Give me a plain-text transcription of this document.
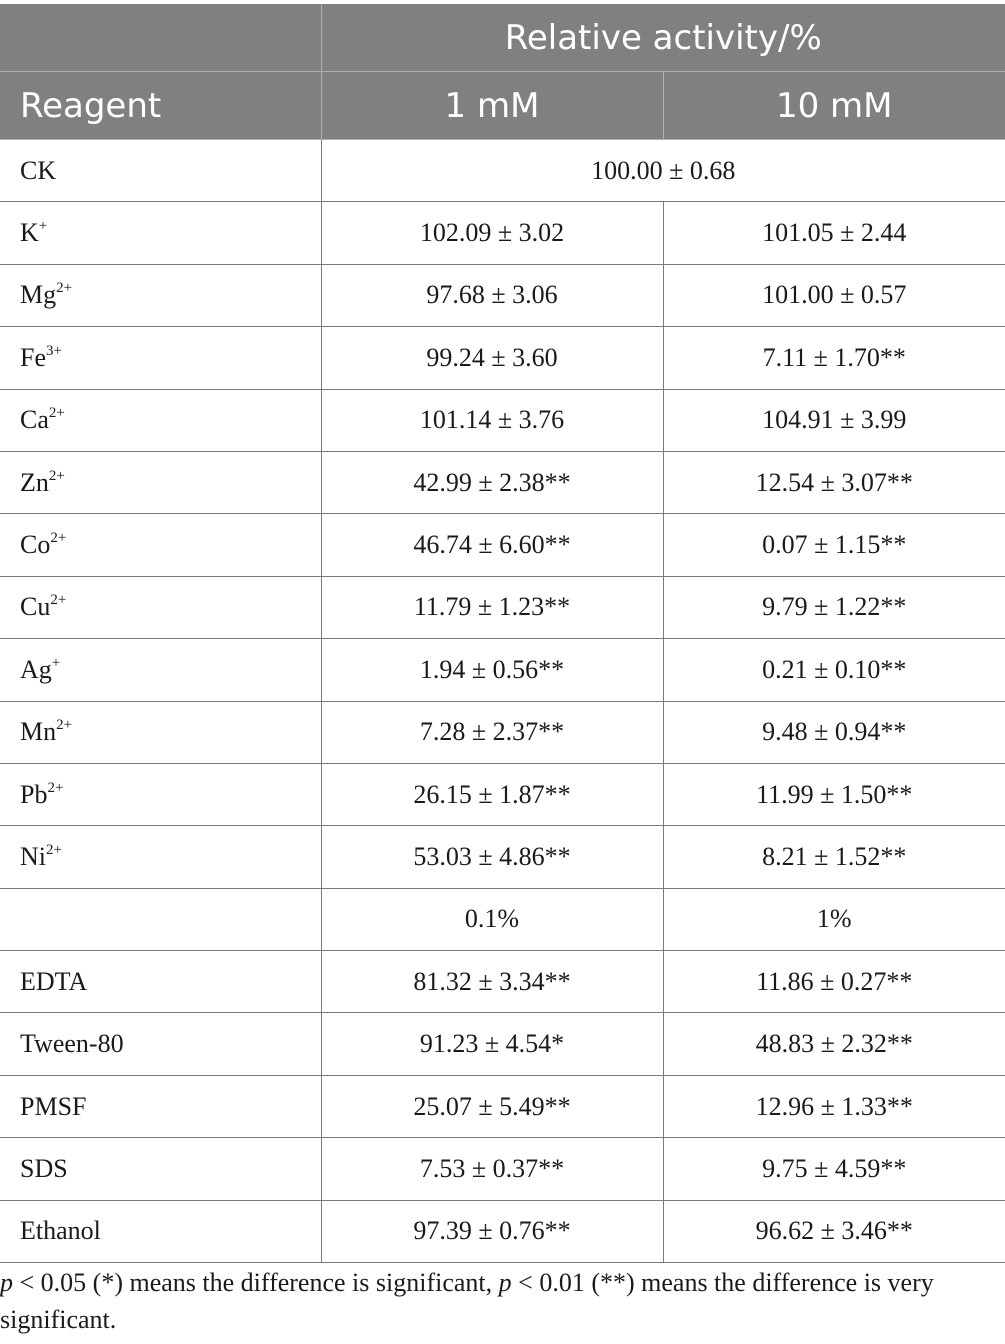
	Relative activity/%	
Reagent	1 mM	10 mM
CK	100.00 ± 0.68	
K+	102.09 ± 3.02	101.05 ± 2.44
$Mg^{2+}$	97.68 ± 3.06	101.00 ± 0.57
$Fe^{3+}$	99.24 ± 3.60	7.11 ± 1.70**
$Ca^{2+}$	101.14 ± 3.76	104.91 ± 3.99
$Zn^{2+}$	42.99 ± 2.38**	12.54 ± 3.07**
$Co^{2+}$	46.74 ± 6.60**	0.07 ± 1.15**
$Cu^{2+}$	11.79 ± 1.23**	9.79 ± 1.22**
Ag+	1.94 ± 0.56**	0.21 ± 0.10**
$Mn^{2+}$	7.28 ± 2.37**	9.48 ± 0.94**
$Pb^{2+}$	26.15 ± 1.87**	11.99 ± 1.50**
$Ni^{2+}$	53.03 ± 4.86**	8.21 ± 1.52**
	0.1%	1%
EDTA	81.32 ± 3.34**	11.86 ± 0.27**
Tween-80	91.23 ± 4.54*	48.83 ± 2.32**
PMSF	25.07 ± 5.49**	12.96 ± 1.33**
SDS	7.53 ± 0.37**	9.75 ± 4.59**
Ethanol	97.39 ± 0.76**	96.62 ± 3.46**

p < 0.05 (*) means the difference is significant, p < 0.01 (**) means the difference is very significant.
